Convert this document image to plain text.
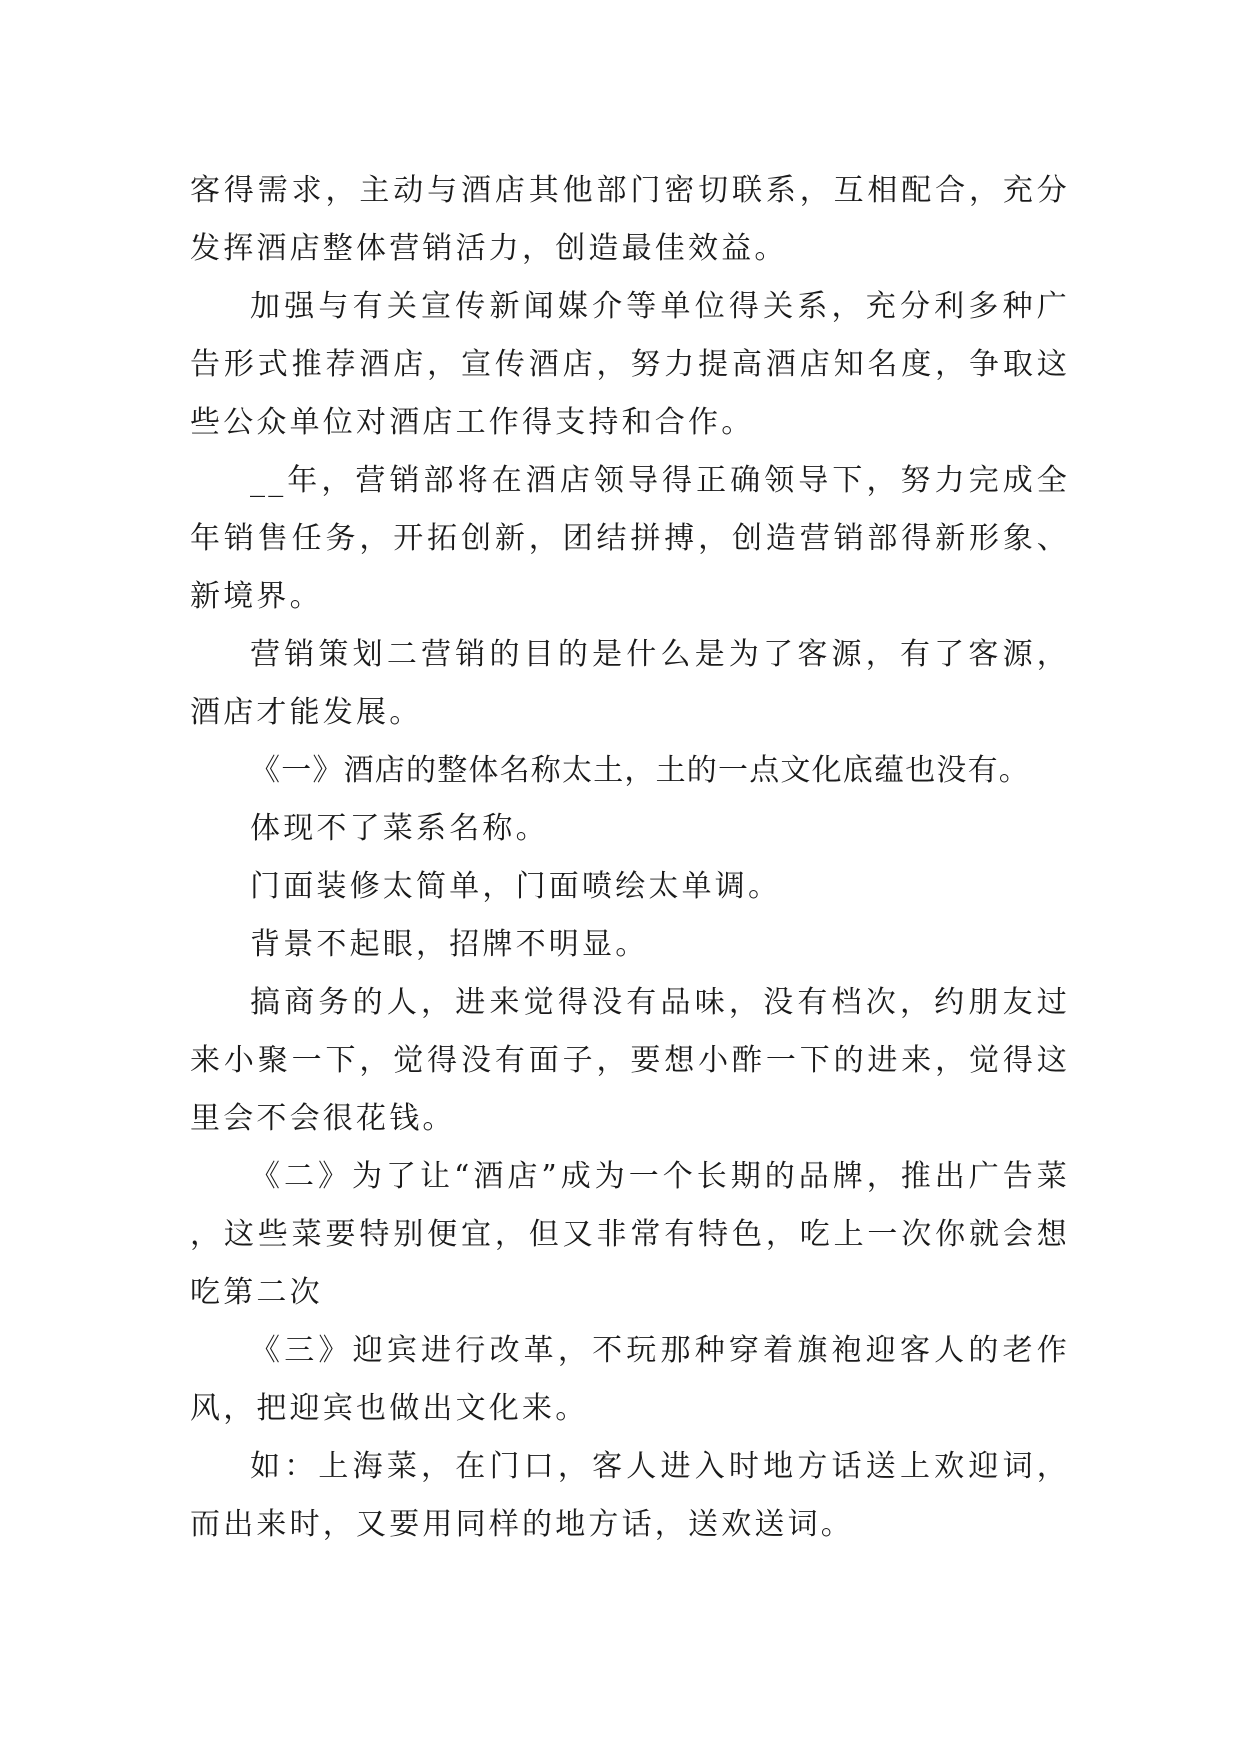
客得需求，主动与酒店其他部门密切联系，互相配合，充分发挥酒店整体营销活力，创造最佳效益。

加强与有关宣传新闻媒介等单位得关系，充分利多种广告形式推荐酒店，宣传酒店，努力提高酒店知名度，争取这些公众单位对酒店工作得支持和合作。

__年，营销部将在酒店领导得正确领导下，努力完成全年销售任务，开拓创新，团结拼搏，创造营销部得新形象、新境界。

营销策划二营销的目的是什么是为了客源，有了客源，酒店才能发展。

《一》酒店的整体名称太土，土的一点文化底蕴也没有。

体现不了菜系名称。

门面装修太简单，门面喷绘太单调。

背景不起眼，招牌不明显。

搞商务的人，进来觉得没有品味，没有档次，约朋友过来小聚一下，觉得没有面子，要想小酢一下的进来，觉得这里会不会很花钱。

《二》为了让“酒店”成为一个长期的品牌，推出广告菜，这些菜要特别便宜，但又非常有特色，吃上一次你就会想吃第二次

《三》迎宾进行改革，不玩那种穿着旗袍迎客人的老作风，把迎宾也做出文化来。

如：上海菜，在门口，客人进入时地方话送上欢迎词，而出来时，又要用同样的地方话，送欢送词。
